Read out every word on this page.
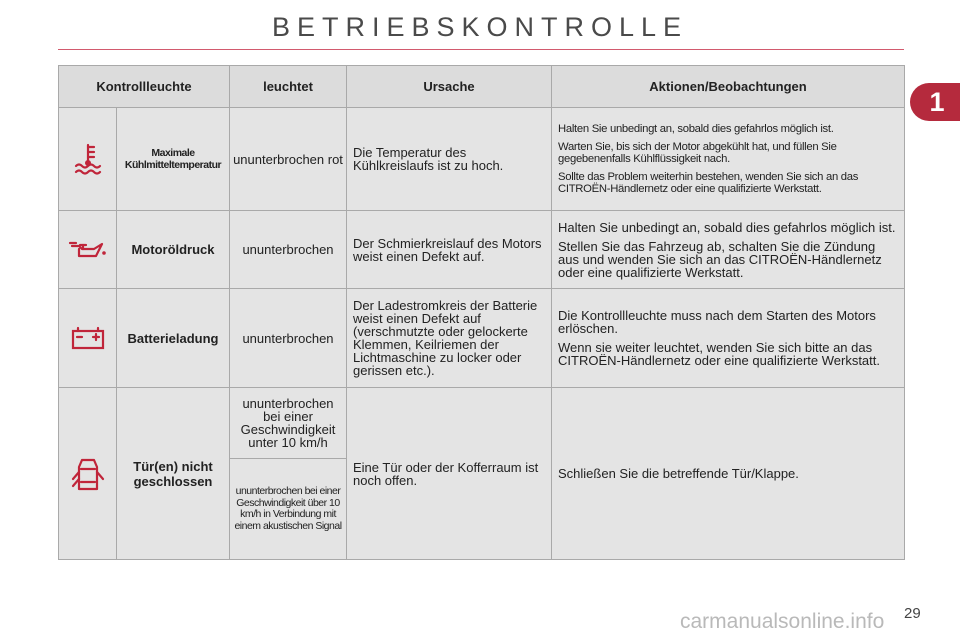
BETRIEBSKONTROLLE
1
Kontrollleuchte		leuchtet	Ursache	Aktionen/Beobachtungen

	Maximale Kühlmitteltemperatur	ununterbrochen rot	Die Temperatur des Kühlkreislaufs ist zu hoch.	Halten Sie unbedingt an, sobald dies gefahrlos möglich ist.

Warten Sie, bis sich der Motor abgekühlt hat, und füllen Sie gegebenenfalls Kühlflüssigkeit nach.

Sollte das Problem weiterhin bestehen, wenden Sie sich an das CITROËN-Händlernetz oder eine qualifizierte Werkstatt.

	Motoröldruck	ununterbrochen	Der Schmierkreislauf des Motors weist einen Defekt auf.	Halten Sie unbedingt an, sobald dies gefahrlos möglich ist.

Stellen Sie das Fahrzeug ab, schalten Sie die Zündung aus und wenden Sie sich an das CITROËN-Händlernetz oder eine qualifizierte Werkstatt.

	Batterieladung	ununterbrochen	Der Ladestromkreis der Batterie weist einen Defekt auf (verschmutzte oder gelockerte Klemmen, Keilriemen der Lichtmaschine zu locker oder gerissen etc.).	Die Kontrollleuchte muss nach dem Starten des Motors erlöschen.

Wenn sie weiter leuchtet, wenden Sie sich bitte an das CITROËN-Händlernetz oder eine qualifizierte Werkstatt.

	Tür(en) nicht geschlossen	ununterbrochen bei einer Geschwindigkeit unter 10 km/h	Eine Tür oder der Kofferraum ist noch offen.	Schließen Sie die betreffende Tür/Klappe.

		ununterbrochen bei einer Geschwindigkeit über 10 km/h in Verbindung mit einem akustischen Signal		
carmanualsonline.info 29
